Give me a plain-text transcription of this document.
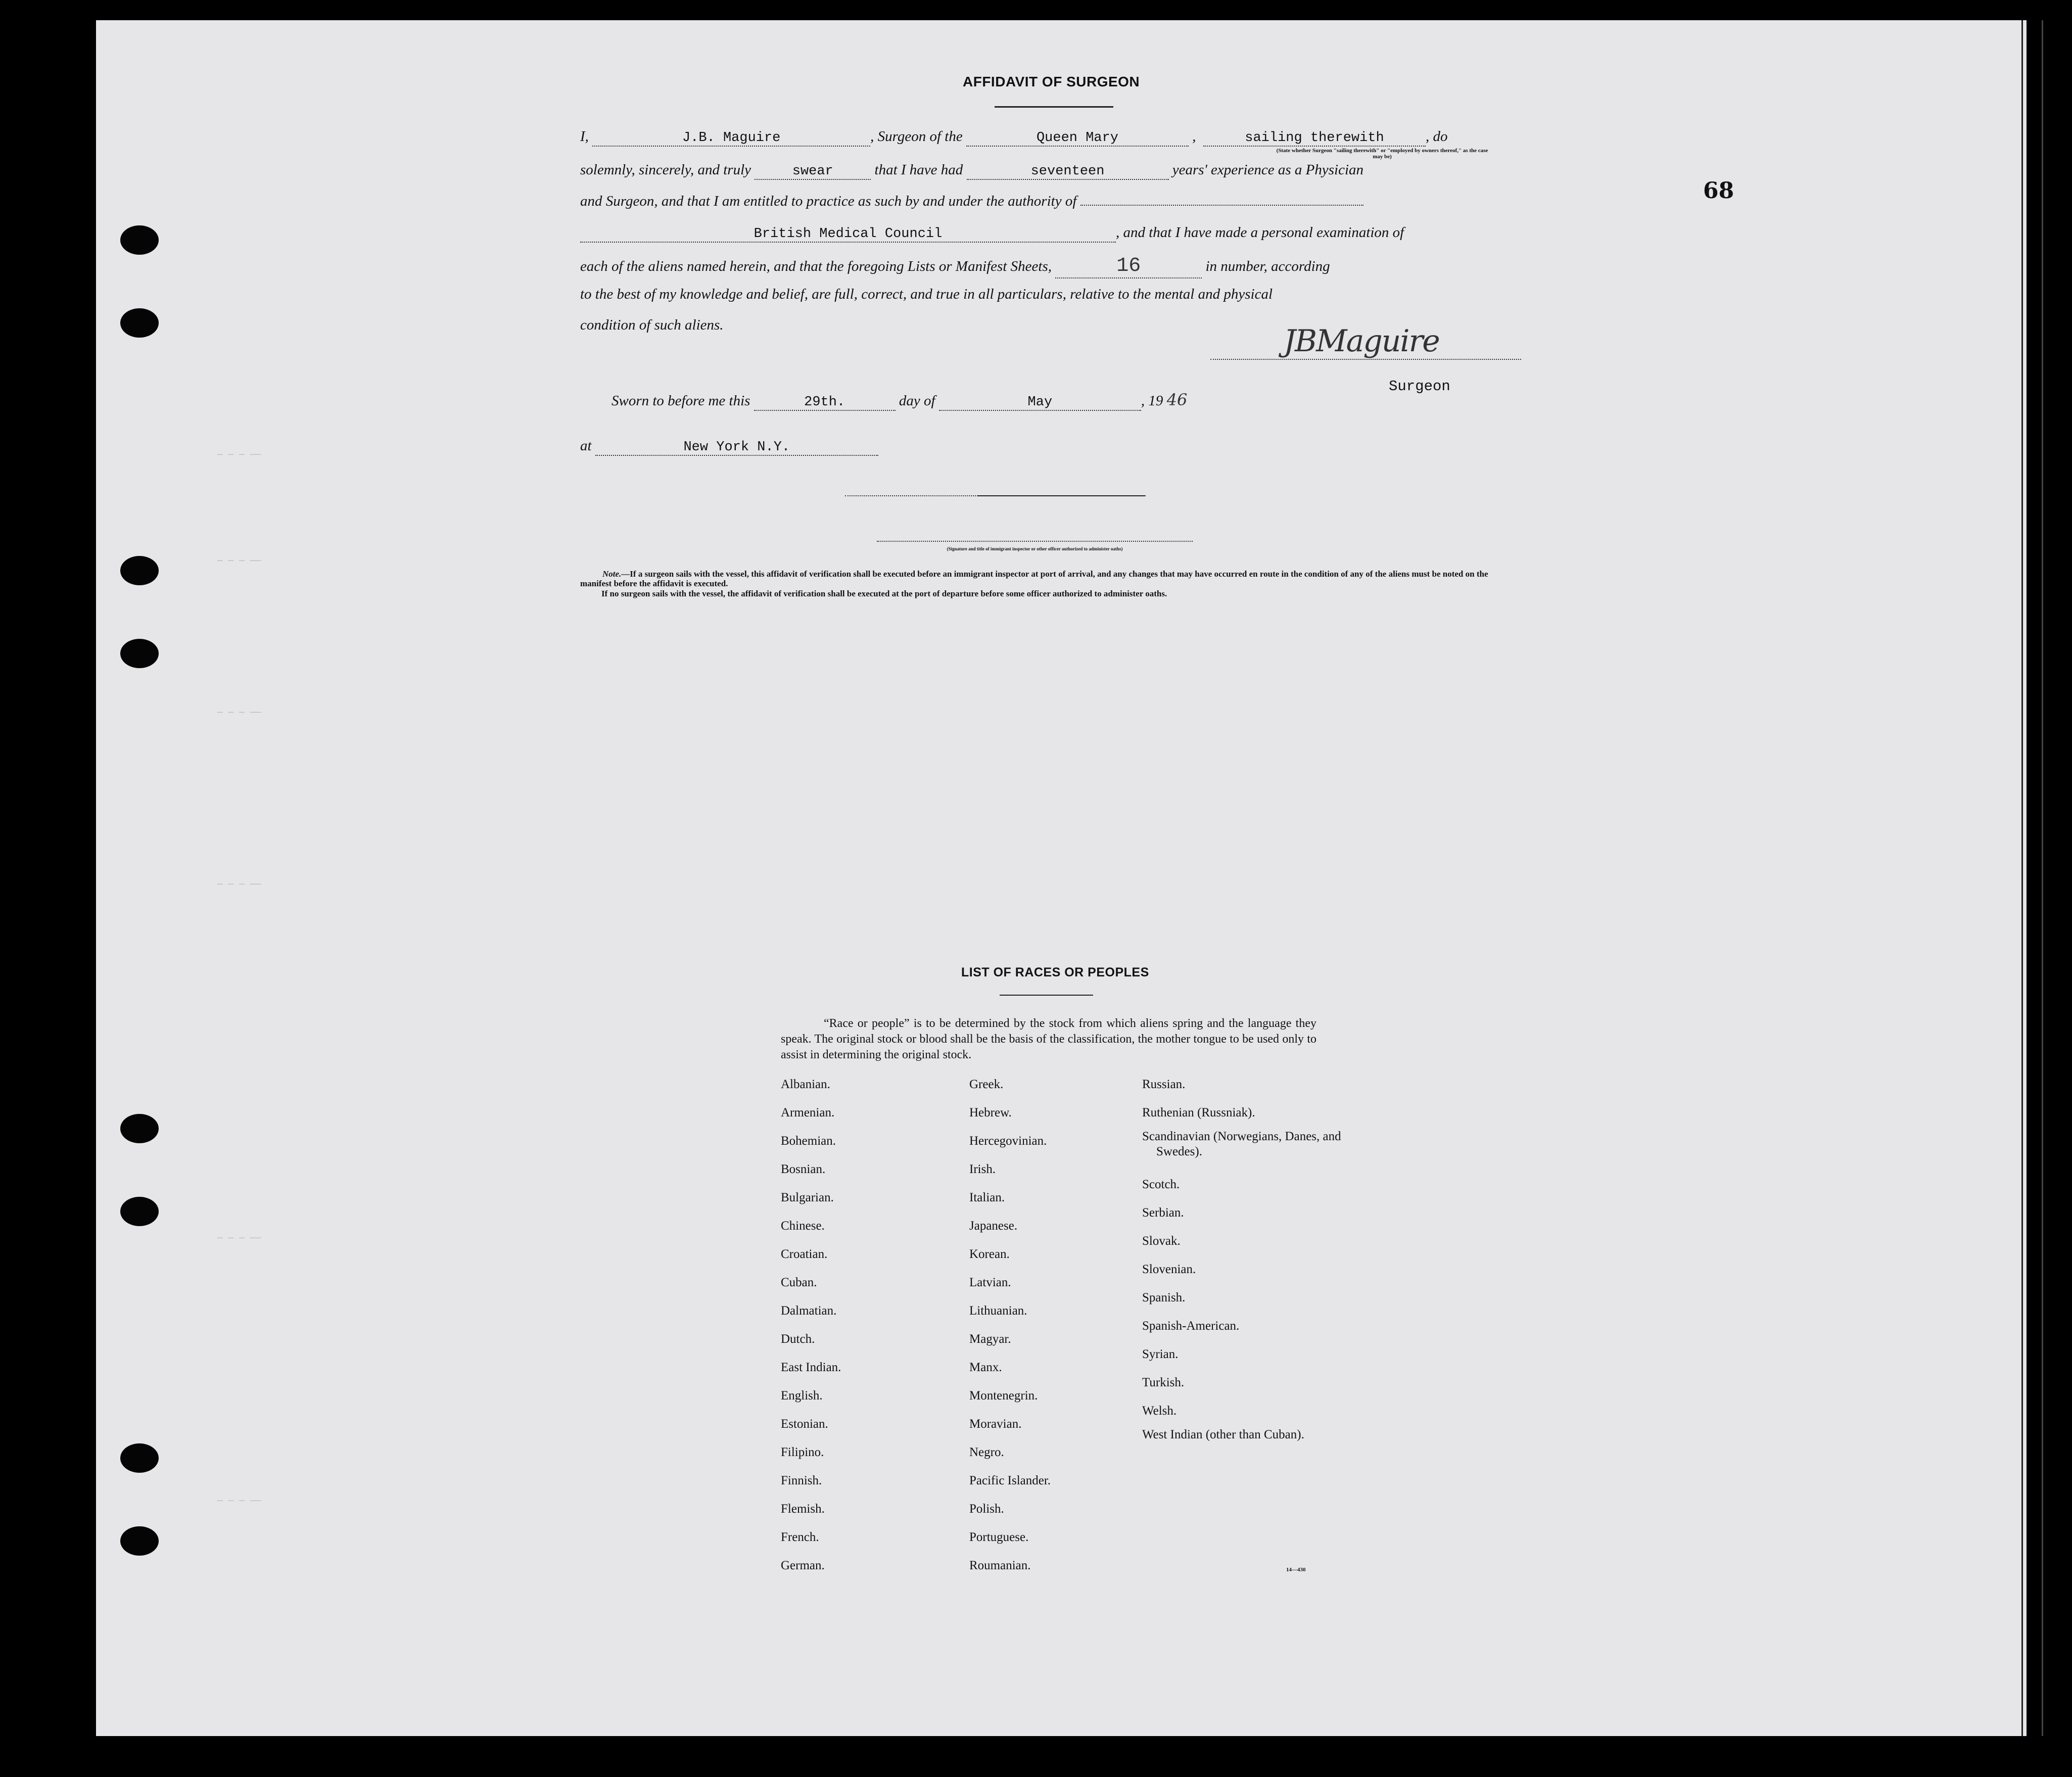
— — — ——
— — — ——
— — — ——
— — — ——
— — — ——
— — — ——
68
AFFIDAVIT OF SURGEON
I,	J.B. Maguire	, Surgeon of the	Queen Mary	,	sailing therewith	, do
(State whether Surgeon "sailing therewith" or "employed by owners thereof," as the case may be)
solemnly, sincerely, and truly	swear	that I have had	seventeen	years' experience as a Physician
and Surgeon, and that I am entitled to practice as such by and under the authority of
British Medical Council	, and that I have made a personal examination of
each of the aliens named herein, and that the foregoing Lists or Manifest Sheets,	16	in number, according
to the best of my knowledge and belief, are full, correct, and true in all particulars, relative to the mental and physical
condition of such aliens.	JBMaguire
Surgeon
Sworn to before me this	29th.	day of	May	, 19 46
at	New York N.Y.
(Signature and title of immigrant inspector or other officer authorized to administer oaths)
Note.—If a surgeon sails with the vessel, this affidavit of verification shall be executed before an immigrant inspector at port of arrival, and any changes that may have occurred en route in the condition of any of the aliens must be noted on the manifest before the affidavit is executed.
If no surgeon sails with the vessel, the affidavit of verification shall be executed at the port of departure before some officer authorized to administer oaths.
LIST OF RACES OR PEOPLES
“Race or people” is to be determined by the stock from which aliens spring and the language they speak. The original stock or blood shall be the basis of the classification, the mother tongue to be used only to assist in determining the original stock.
Albanian.
Armenian.
Bohemian.
Bosnian.
Bulgarian.
Chinese.
Croatian.
Cuban.
Dalmatian.
Dutch.
East Indian.
English.
Estonian.
Filipino.
Finnish.
Flemish.
French.
German.
Greek.
Hebrew.
Hercegovinian.
Irish.
Italian.
Japanese.
Korean.
Latvian.
Lithuanian.
Magyar.
Manx.
Montenegrin.
Moravian.
Negro.
Pacific Islander.
Polish.
Portuguese.
Roumanian.
Russian.
Ruthenian (Russniak).
Scandinavian (Norwegians, Danes, and Swedes).
Scotch.
Serbian.
Slovak.
Slovenian.
Spanish.
Spanish-American.
Syrian.
Turkish.
Welsh.
West Indian (other than Cuban).
14—430
